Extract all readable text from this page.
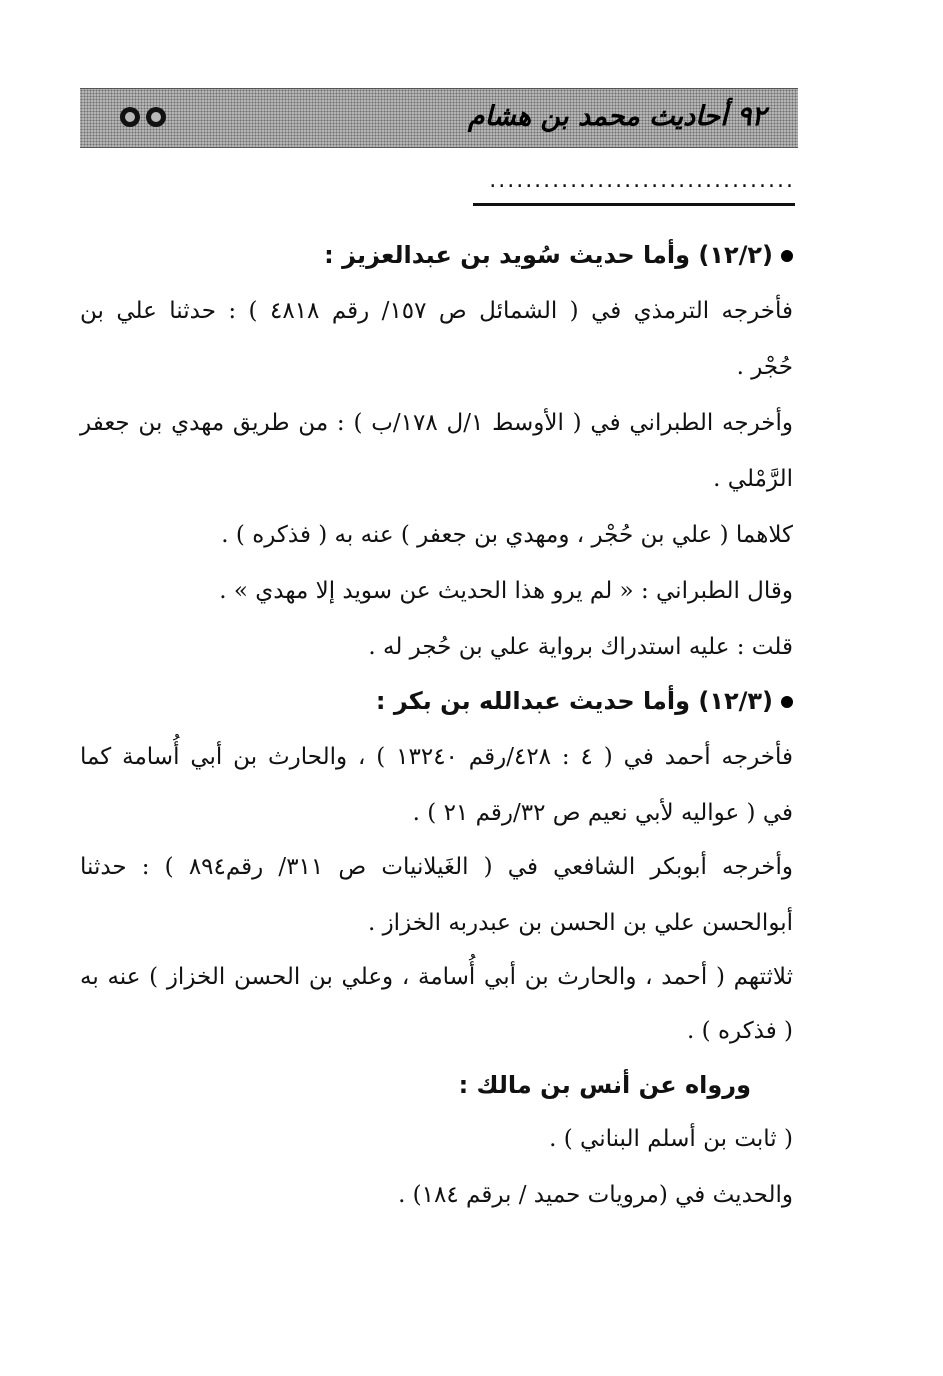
٩٢ أحاديث محمد بن هشام
..................................
(١٢/٢) وأما حديث سُويد بن عبدالعزيز :
فأخرجه الترمذي في ( الشمائل ص ١٥٧/ رقم ٤٨١٨ ) : حدثنا علي بن
حُجْر .
وأخرجه الطبراني في ( الأوسط ١/ل ١٧٨/ب ) : من طريق مهدي بن جعفر
الرَّمْلي .
كلاهما ( علي بن حُجْر ، ومهدي بن جعفر ) عنه به ( فذكره ) .
وقال الطبراني : « لم يرو هذا الحديث عن سويد إلا مهدي » .
قلت : عليه استدراك برواية علي بن حُجر له .
(١٢/٣) وأما حديث عبدالله بن بكر :
فأخرجه أحمد في ( ٤ : ٤٢٨/رقم ١٣٢٤٠ ) ، والحارث بن أبي أُسامة كما
في ( عواليه لأبي نعيم ص ٣٢/رقم ٢١ ) .
وأخرجه أبوبكر الشافعي في ( الغَيلانيات ص ٣١١/ رقم٨٩٤ ) : حدثنا
أبوالحسن علي بن الحسن بن عبدربه الخزاز .
ثلاثتهم ( أحمد ، والحارث بن أبي أُسامة ، وعلي بن الحسن الخزاز ) عنه به
( فذكره ) .
ورواه عن أنس بن مالك :
( ثابت بن أسلم البناني ) .
والحديث في (مرويات حميد / برقم ١٨٤) .
